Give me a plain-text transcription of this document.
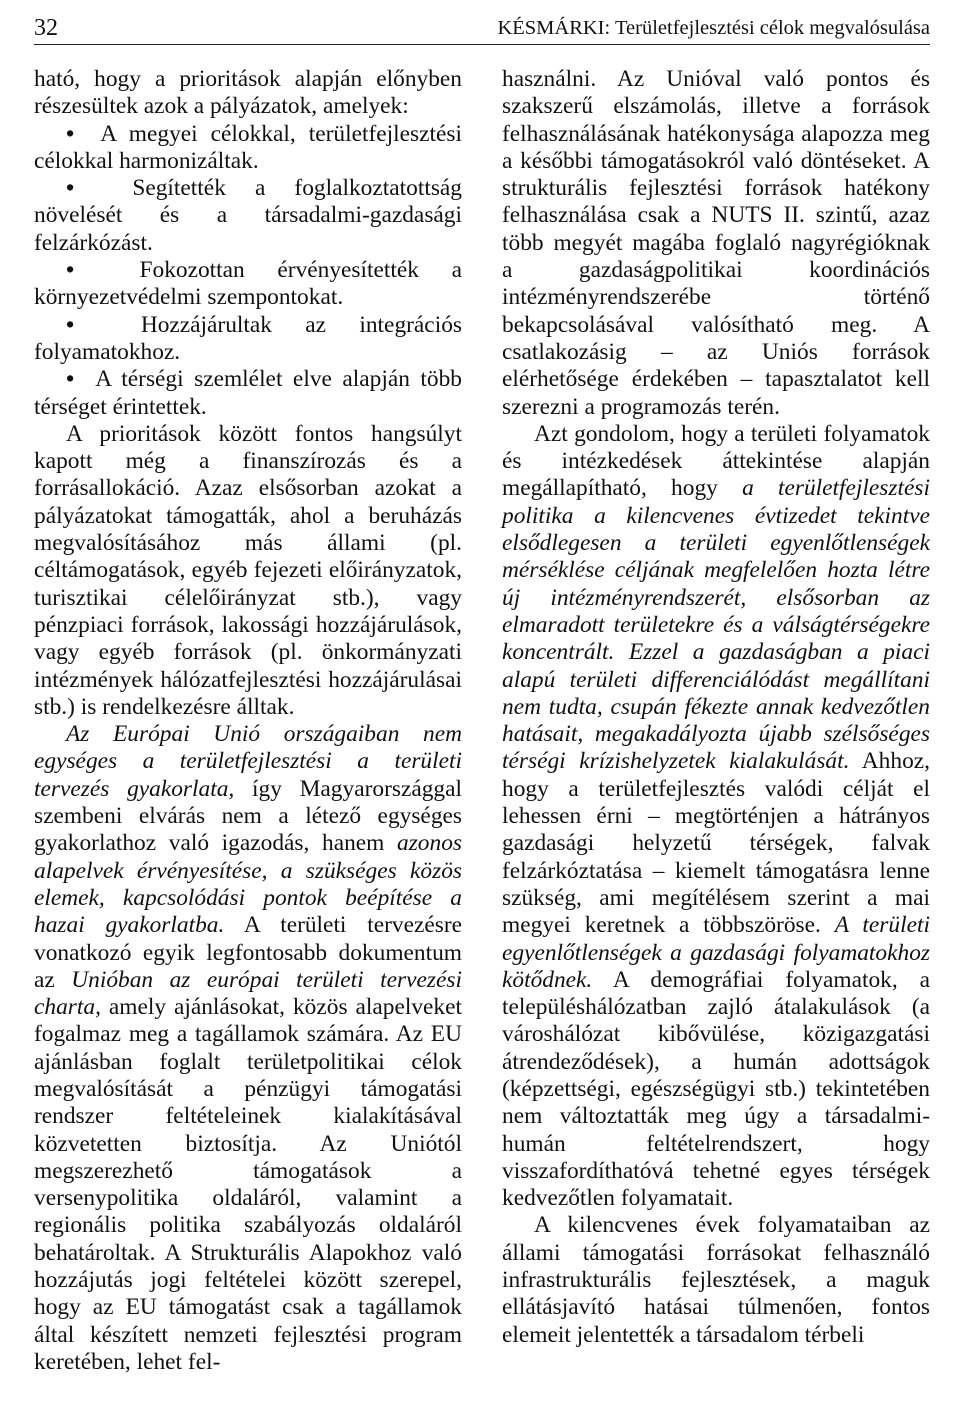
32	KÉSMÁRKI: Területfejlesztési célok megvalósulása

ható, hogy a prioritások alapján előnyben részesültek azok a pályázatok, amelyek:

•  A megyei célokkal, területfejlesztési célokkal harmonizáltak.

•  Segítették a foglalkoztatottság növelését és a társadalmi-gazdasági felzárkózást.

•  Fokozottan érvényesítették a környezetvédelmi szempontokat.

•  Hozzájárultak az integrációs folyamatokhoz.

•  A térségi szemlélet elve alapján több térséget érintettek.

A prioritások között fontos hangsúlyt kapott még a finanszírozás és a forrásallokáció. Azaz elsősorban azokat a pályázatokat támogatták, ahol a beruházás megvalósításához más állami (pl. céltámogatások, egyéb fejezeti előirányzatok, turisztikai célelőirányzat stb.), vagy pénzpiaci források, lakossági hozzájárulások, vagy egyéb források (pl. önkormányzati intézmények hálózatfejlesztési hozzájárulásai stb.) is rendelkezésre álltak.

Az Európai Unió országaiban nem egységes a területfejlesztési a területi tervezés gyakorlata, így Magyarországgal szembeni elvárás nem a létező egységes gyakorlathoz való igazodás, hanem azonos alapelvek érvényesítése, a szükséges közös elemek, kapcsolódási pontok beépítése a hazai gyakorlatba. A területi tervezésre vonatkozó egyik legfontosabb dokumentum az Unióban az európai területi tervezési charta, amely ajánlásokat, közös alapelveket fogalmaz meg a tagállamok számára. Az EU ajánlásban foglalt területpolitikai célok megvalósítását a pénzügyi támogatási rendszer feltételeinek kialakításával közvetetten biztosítja. Az Uniótól megszerezhető támogatások a versenypolitika oldaláról, valamint a regionális politika szabályozás oldaláról behatároltak. A Strukturális Alapokhoz való hozzájutás jogi feltételei között szerepel, hogy az EU támogatást csak a tagállamok által készített nemzeti fejlesztési program keretében, lehet fel-

használni. Az Unióval való pontos és szakszerű elszámolás, illetve a források felhasználásának hatékonysága alapozza meg a későbbi támogatásokról való döntéseket. A strukturális fejlesztési források hatékony felhasználása csak a NUTS II. szintű, azaz több megyét magába foglaló nagyrégióknak a gazdaságpolitikai koordinációs intézményrendszerébe történő bekapcsolásával valósítható meg. A csatlakozásig – az Uniós források elérhetősége érdekében – tapasztalatot kell szerezni a programozás terén.

Azt gondolom, hogy a területi folyamatok és intézkedések áttekintése alapján megállapítható, hogy a területfejlesztési politika a kilencvenes évtizedet tekintve elsődlegesen a területi egyenlőtlenségek mérséklése céljának megfelelően hozta létre új intézményrendszerét, elsősorban az elmaradott területekre és a válságtérségekre koncentrált. Ezzel a gazdaságban a piaci alapú területi differenciálódást megállítani nem tudta, csupán fékezte annak kedvezőtlen hatásait, megakadályozta újabb szélsőséges térségi krízishelyzetek kialakulását. Ahhoz, hogy a területfejlesztés valódi célját el lehessen érni – megtörténjen a hátrányos gazdasági helyzetű térségek, falvak felzárkóztatása – kiemelt támogatásra lenne szükség, ami megítélésem szerint a mai megyei keretnek a többszöröse. A területi egyenlőtlenségek a gazdasági folyamatokhoz kötődnek. A demográfiai folyamatok, a településhálózatban zajló átalakulások (a városhálózat kibővülése, közigazgatási átrendeződések), a humán adottságok (képzettségi, egészségügyi stb.) tekintetében nem változtatták meg úgy a társadalmi-humán feltételrendszert, hogy visszafordíthatóvá tehetné egyes térségek kedvezőtlen folyamatait.

A kilencvenes évek folyamataiban az állami támogatási forrásokat felhasználó infrastrukturális fejlesztések, a maguk ellátásjavító hatásai túlmenően, fontos elemeit jelentették a társadalom térbeli
